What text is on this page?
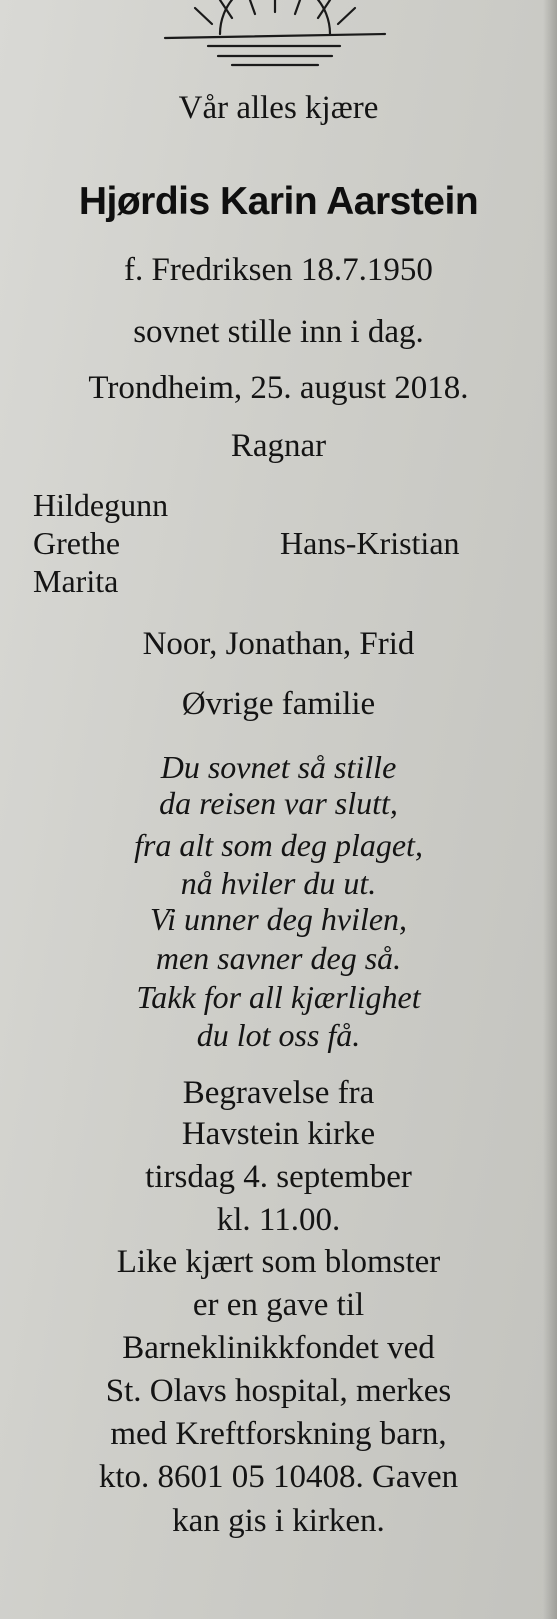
Vår alles kjære
Hjørdis Karin Aarstein
f. Fredriksen 18.7.1950
sovnet stille inn i dag.
Trondheim, 25. august 2018.
Ragnar
Hildegunn
Grethe
Marita
Hans-Kristian
Noor, Jonathan, Frid
Øvrige familie
Du sovnet så stille
da reisen var slutt,
fra alt som deg plaget,
nå hviler du ut.
Vi unner deg hvilen,
men savner deg så.
Takk for all kjærlighet
du lot oss få.
Begravelse fra
Havstein kirke
tirsdag 4. september
kl. 11.00.
Like kjært som blomster
er en gave til
Barneklinikkfondet ved
St. Olavs hospital, merkes
med Kreftforskning barn,
kto. 8601 05 10408. Gaven
kan gis i kirken.
